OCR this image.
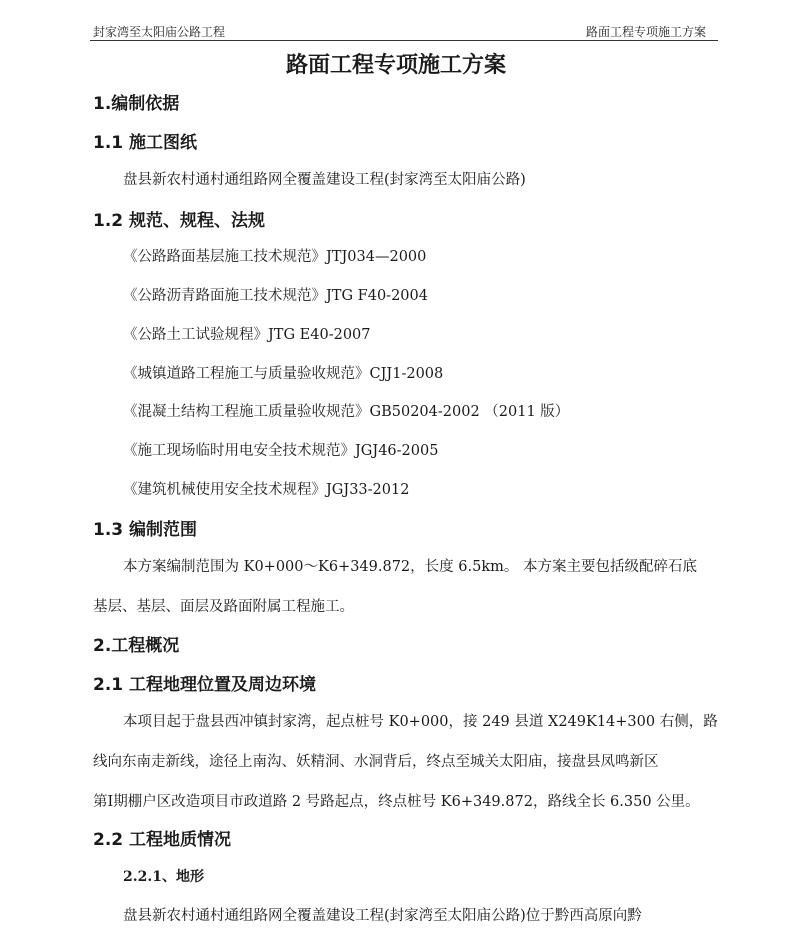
封家湾至太阳庙公路工程	路面工程专项施工方案
路面工程专项施工方案
1.编制依据
1.1 施工图纸
盘县新农村通村通组路网全覆盖建设工程(封家湾至太阳庙公路)
1.2 规范、规程、法规
《公路路面基层施工技术规范》JTJ034—2000
《公路沥青路面施工技术规范》JTG F40-2004
《公路土工试验规程》JTG E40-2007
《城镇道路工程施工与质量验收规范》CJJ1-2008
《混凝土结构工程施工质量验收规范》GB50204-2002 （2011 版）
《施工现场临时用电安全技术规范》JGJ46-2005
《建筑机械使用安全技术规程》JGJ33-2012
1.3 编制范围
本方案编制范围为 K0+000～K6+349.872，长度 6.5km。 本方案主要包括级配碎石底
基层、基层、面层及路面附属工程施工。
2.工程概况
2.1 工程地理位置及周边环境
本项目起于盘县西冲镇封家湾，起点桩号 K0+000，接 249 县道 X249K14+300 右侧，路
线向东南走新线，途径上南沟、妖精洞、水洞背后，终点至城关太阳庙，接盘县凤鸣新区
第Ⅰ期棚户区改造项目市政道路 2 号路起点，终点桩号 K6+349.872，路线全长 6.350 公里。
2.2 工程地质情况
2.2.1、地形
盘县新农村通村通组路网全覆盖建设工程(封家湾至太阳庙公路)位于黔西高原向黔
